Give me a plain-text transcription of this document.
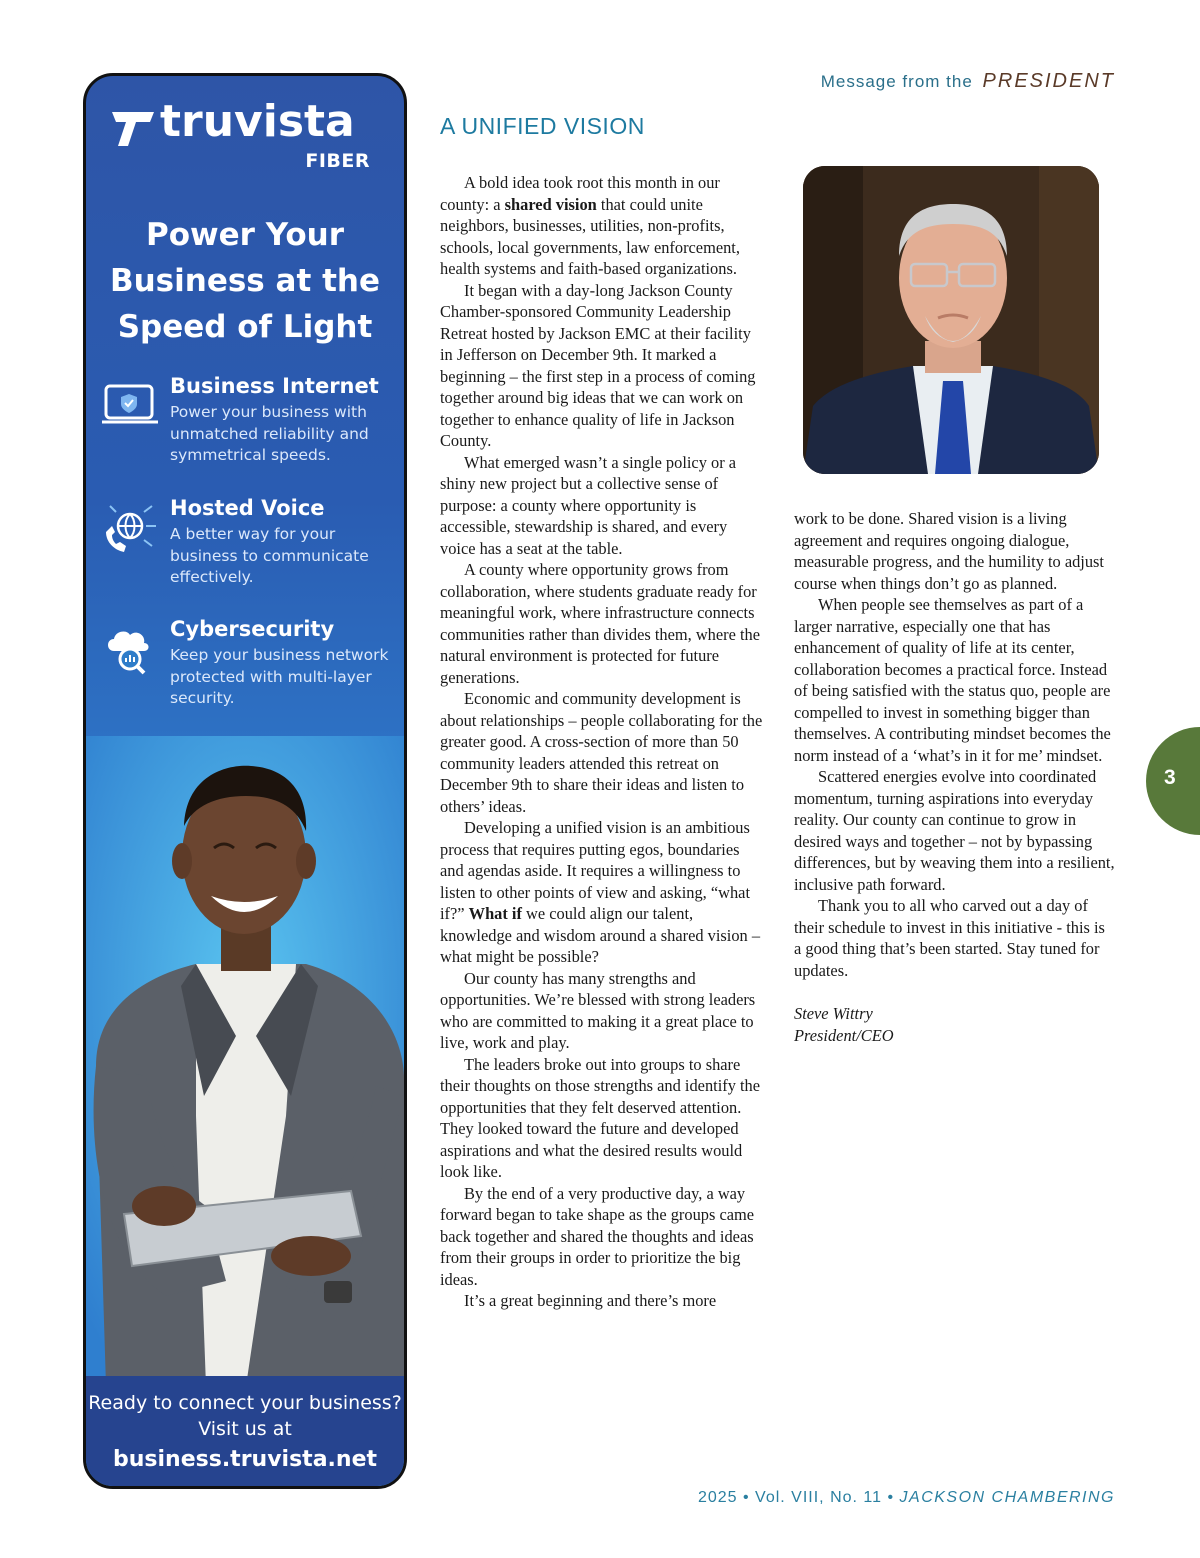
truvista
FIBER
Power Your Business at the Speed of Light
Business Internet
Power your business with unmatched reliability and symmetrical speeds.
Hosted Voice
A better way for your business to communicate effectively.
Cybersecurity
Keep your business network protected with multi-layer security.
Ready to connect your business? Visit us at
business.truvista.net
Message from the PRESIDENT
A UNIFIED VISION

A bold idea took root this month in our county: a shared vision that could unite neighbors, businesses, utilities, non-profits, schools, local governments, law enforcement, health systems and faith-based organizations.

It began with a day-long Jackson County Chamber-sponsored Community Leadership Retreat hosted by Jackson EMC at their facility in Jefferson on December 9th. It marked a beginning – the first step in a process of coming together around big ideas that we can work on together to enhance quality of life in Jackson County.

What emerged wasn’t a single policy or a shiny new project but a collective sense of purpose: a county where opportunity is accessible, stewardship is shared, and every voice has a seat at the table.

A county where opportunity grows from collaboration, where students graduate ready for meaningful work, where infrastructure connects communities rather than divides them, where the natural environment is protected for future generations.

Economic and community development is about relationships – people collaborating for the greater good. A cross-section of more than 50 community leaders attended this retreat on December 9th to share their ideas and listen to others’ ideas.

Developing a unified vision is an ambitious process that requires putting egos, boundaries and agendas aside. It requires a willingness to listen to other points of view and asking, “what if?” What if we could align our talent, knowledge and wisdom around a shared vision – what might be possible?

Our county has many strengths and opportunities. We’re blessed with strong leaders who are committed to making it a great place to live, work and play.

The leaders broke out into groups to share their thoughts on those strengths and identify the opportunities that they felt deserved attention. They looked toward the future and developed aspirations and what the desired results would look like.

By the end of a very productive day, a way forward began to take shape as the groups came back together and shared the thoughts and ideas from their groups in order to prioritize the big ideas.

It’s a great beginning and there’s more

work to be done. Shared vision is a living agreement and requires ongoing dialogue, measurable progress, and the humility to adjust course when things don’t go as planned.

When people see themselves as part of a larger narrative, especially one that has enhancement of quality of life at its center, collaboration becomes a practical force. Instead of being satisfied with the status quo, people are compelled to invest in something bigger than themselves. A contributing mindset becomes the norm instead of a ‘what’s in it for me’ mindset.

Scattered energies evolve into coordinated momentum, turning aspirations into everyday reality. Our county can continue to grow in desired ways and together – not by bypassing differences, but by weaving them into a resilient, inclusive path forward.

Thank you to all who carved out a day of their schedule to invest in this initiative - this is a good thing that’s been started. Stay tuned for updates.

Steve Wittry
President/CEO
3
2025 • Vol. VIII, No. 11 • JACKSON CHAMBERING
